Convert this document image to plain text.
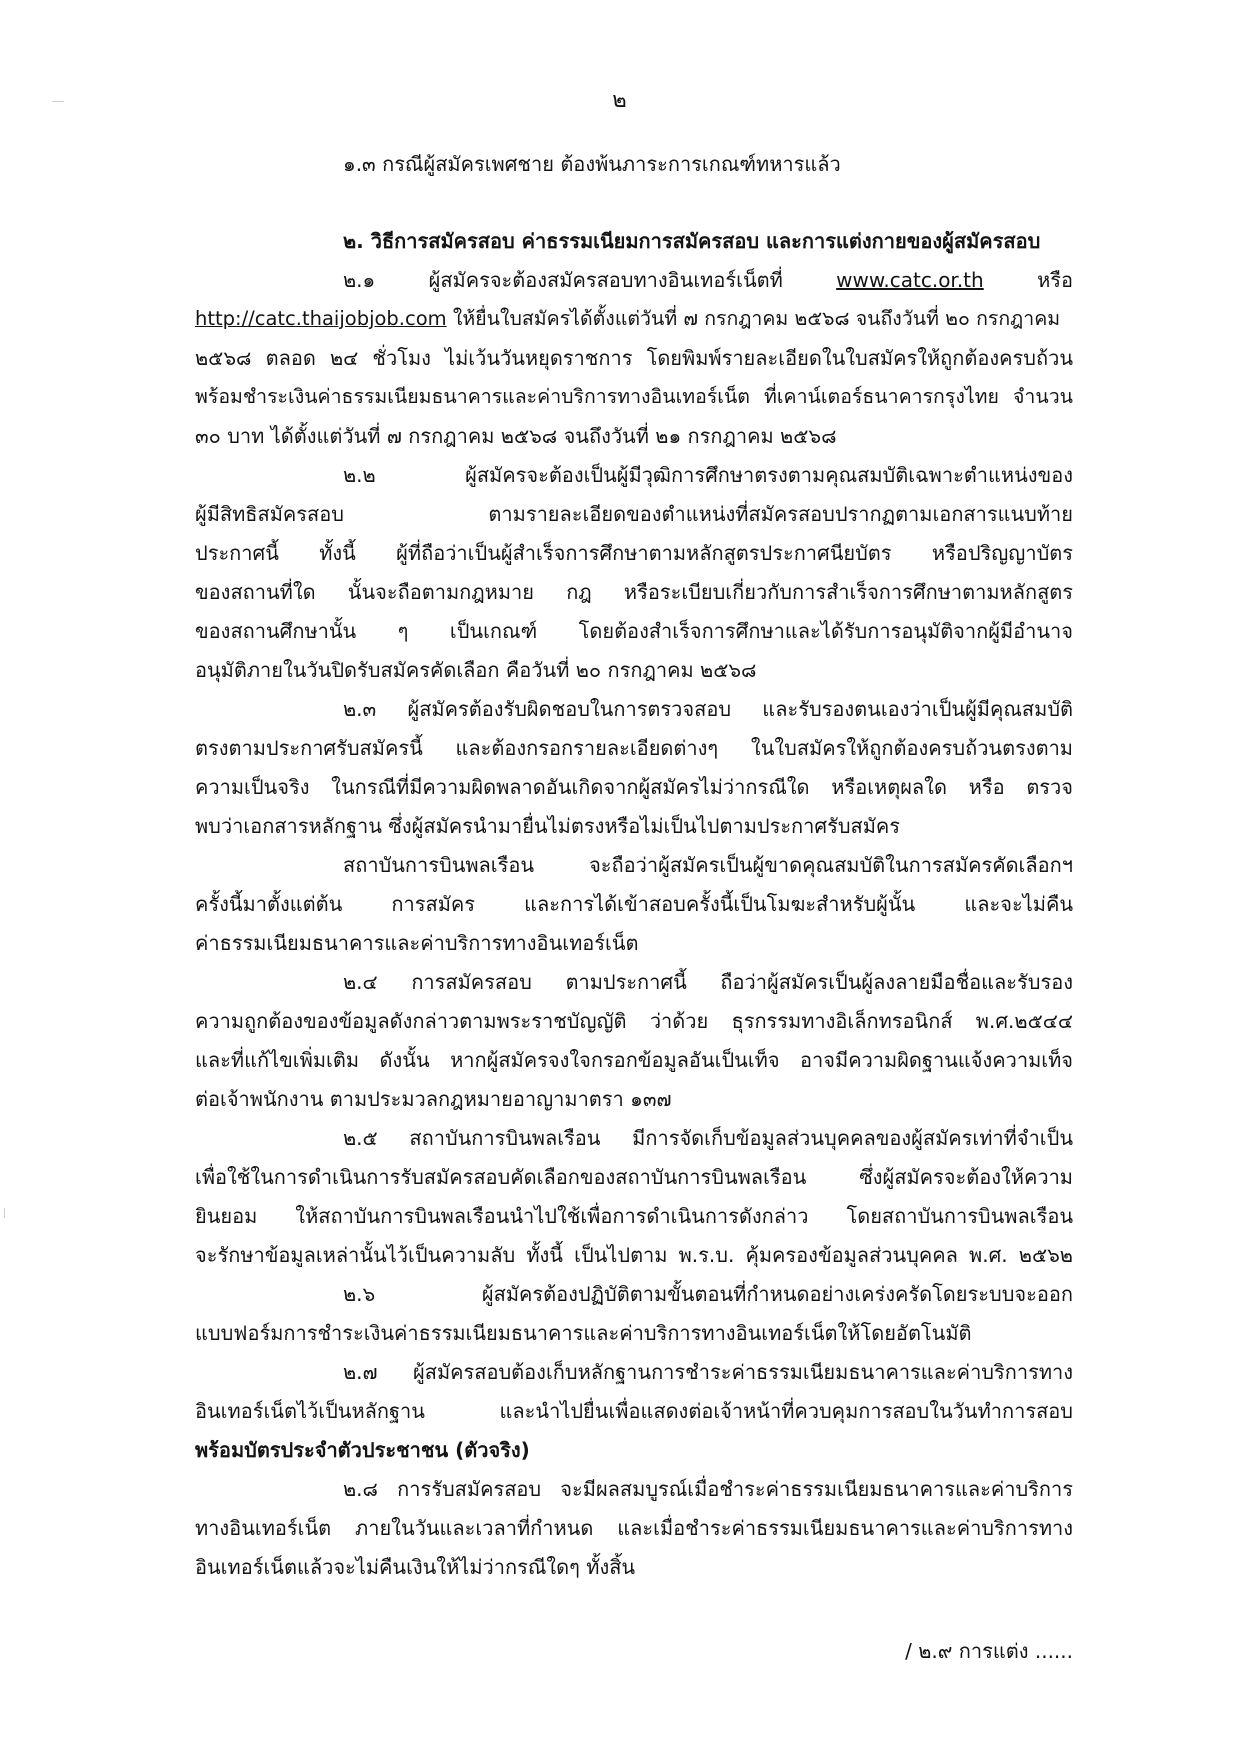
๒
๑.๓ กรณีผู้สมัครเพศชาย ต้องพ้นภาระการเกณฑ์ทหารแล้ว
๒. วิธีการสมัครสอบ ค่าธรรมเนียมการสมัครสอบ และการแต่งกายของผู้สมัครสอบ
๒.๑ ผู้สมัครจะต้องสมัครสอบทางอินเทอร์เน็ตที่	www.catc.or.th	หรือ
http://catc.thaijobjob.com ให้ยื่นใบสมัครได้ตั้งแต่วันที่ ๗ กรกฎาคม ๒๕๖๘ จนถึงวันที่ ๒๐ กรกฎาคม
๒๕๖๘ ตลอด ๒๔ ชั่วโมง ไม่เว้นวันหยุดราชการ โดยพิมพ์รายละเอียดในใบสมัครให้ถูกต้องครบถ้วน
พร้อมชำระเงินค่าธรรมเนียมธนาคารและค่าบริการทางอินเทอร์เน็ต ที่เคาน์เตอร์ธนาคารกรุงไทย จำนวน
๓๐ บาท ได้ตั้งแต่วันที่ ๗ กรกฎาคม ๒๕๖๘ จนถึงวันที่ ๒๑ กรกฎาคม ๒๕๖๘
๒.๒ ผู้สมัครจะต้องเป็นผู้มีวุฒิการศึกษาตรงตามคุณสมบัติเฉพาะตำแหน่งของ
ผู้มีสิทธิสมัครสอบ ตามรายละเอียดของตำแหน่งที่สมัครสอบปรากฏตามเอกสารแนบท้าย
ประกาศนี้ ทั้งนี้ ผู้ที่ถือว่าเป็นผู้สำเร็จการศึกษาตามหลักสูตรประกาศนียบัตร หรือปริญญาบัตร
ของสถานที่ใด นั้นจะถือตามกฎหมาย กฎ หรือระเบียบเกี่ยวกับการสำเร็จการศึกษาตามหลักสูตร
ของสถานศึกษานั้น ๆ เป็นเกณฑ์ โดยต้องสำเร็จการศึกษาและได้รับการอนุมัติจากผู้มีอำนาจ
อนุมัติภายในวันปิดรับสมัครคัดเลือก คือวันที่ ๒๐ กรกฎาคม ๒๕๖๘
๒.๓ ผู้สมัครต้องรับผิดชอบในการตรวจสอบ และรับรองตนเองว่าเป็นผู้มีคุณสมบัติ
ตรงตามประกาศรับสมัครนี้ และต้องกรอกรายละเอียดต่างๆ ในใบสมัครให้ถูกต้องครบถ้วนตรงตาม
ความเป็นจริง ในกรณีที่มีความผิดพลาดอันเกิดจากผู้สมัครไม่ว่ากรณีใด หรือเหตุผลใด หรือ ตรวจ
พบว่าเอกสารหลักฐาน ซึ่งผู้สมัครนำมายื่นไม่ตรงหรือไม่เป็นไปตามประกาศรับสมัคร
สถาบันการบินพลเรือน จะถือว่าผู้สมัครเป็นผู้ขาดคุณสมบัติในการสมัครคัดเลือกฯ
ครั้งนี้มาตั้งแต่ต้น การสมัคร และการได้เข้าสอบครั้งนี้เป็นโมฆะสำหรับผู้นั้น และจะไม่คืน
ค่าธรรมเนียมธนาคารและค่าบริการทางอินเทอร์เน็ต
๒.๔ การสมัครสอบ ตามประกาศนี้ ถือว่าผู้สมัครเป็นผู้ลงลายมือชื่อและรับรอง
ความถูกต้องของข้อมูลดังกล่าวตามพระราชบัญญัติ ว่าด้วย ธุรกรรมทางอิเล็กทรอนิกส์ พ.ศ.๒๕๔๔
และที่แก้ไขเพิ่มเติม ดังนั้น หากผู้สมัครจงใจกรอกข้อมูลอันเป็นเท็จ อาจมีความผิดฐานแจ้งความเท็จ
ต่อเจ้าพนักงาน ตามประมวลกฎหมายอาญามาตรา ๑๓๗
๒.๕ สถาบันการบินพลเรือน มีการจัดเก็บข้อมูลส่วนบุคคลของผู้สมัครเท่าที่จำเป็น
เพื่อใช้ในการดำเนินการรับสมัครสอบคัดเลือกของสถาบันการบินพลเรือน ซึ่งผู้สมัครจะต้องให้ความ
ยินยอม ให้สถาบันการบินพลเรือนนำไปใช้เพื่อการดำเนินการดังกล่าว โดยสถาบันการบินพลเรือน
จะรักษาข้อมูลเหล่านั้นไว้เป็นความลับ ทั้งนี้ เป็นไปตาม พ.ร.บ. คุ้มครองข้อมูลส่วนบุคคล พ.ศ. ๒๕๖๒
๒.๖ ผู้สมัครต้องปฏิบัติตามขั้นตอนที่กำหนดอย่างเคร่งครัดโดยระบบจะออก
แบบฟอร์มการชำระเงินค่าธรรมเนียมธนาคารและค่าบริการทางอินเทอร์เน็ตให้โดยอัตโนมัติ
๒.๗ ผู้สมัครสอบต้องเก็บหลักฐานการชำระค่าธรรมเนียมธนาคารและค่าบริการทาง
อินเทอร์เน็ตไว้เป็นหลักฐาน และนำไปยื่นเพื่อแสดงต่อเจ้าหน้าที่ควบคุมการสอบในวันทำการสอบ
พร้อมบัตรประจำตัวประชาชน (ตัวจริง)
๒.๘ การรับสมัครสอบ จะมีผลสมบูรณ์เมื่อชำระค่าธรรมเนียมธนาคารและค่าบริการ
ทางอินเทอร์เน็ต ภายในวันและเวลาที่กำหนด และเมื่อชำระค่าธรรมเนียมธนาคารและค่าบริการทาง
อินเทอร์เน็ตแล้วจะไม่คืนเงินให้ไม่ว่ากรณีใดๆ ทั้งสิ้น
/ ๒.๙ การแต่ง ......
